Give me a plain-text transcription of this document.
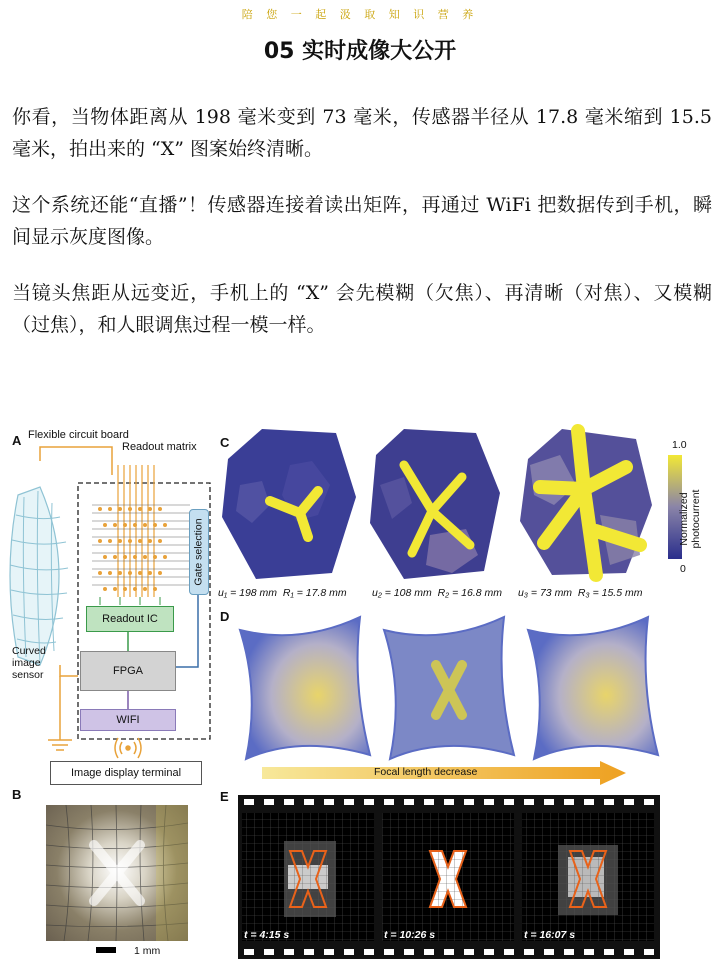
陪 您 一 起 汲 取 知 识 营 养
05 实时成像大公开

你看，当物体距离从 198 毫米变到 73 毫米，传感器半径从 17.8 毫米缩到 15.5 毫米，拍出来的 “X” 图案始终清晰。

这个系统还能“直播”！传感器连接着读出矩阵，再通过 WiFi 把数据传到手机，瞬间显示灰度图像。

当镜头焦距从远变近，手机上的 “X” 会先模糊（欠焦）、再清晰（对焦）、又模糊（过焦），和人眼调焦过程一模一样。

A Flexible circuit board
Readout matrix
Gate selection
Readout IC
FPGA
WIFI
Curved
image
sensor
Image display terminal
B
1 mm
C	1.0
0
Normalized photocurrent
u₁ = 198 mm R₁ = 17.8 mm u₂ = 108 mm R₂ = 16.8 mm u₃ = 73 mm R₃ = 15.5 mm
D
Focal length decrease
E
t = 4:15 s	t = 10:26 s	t = 16:07 s
